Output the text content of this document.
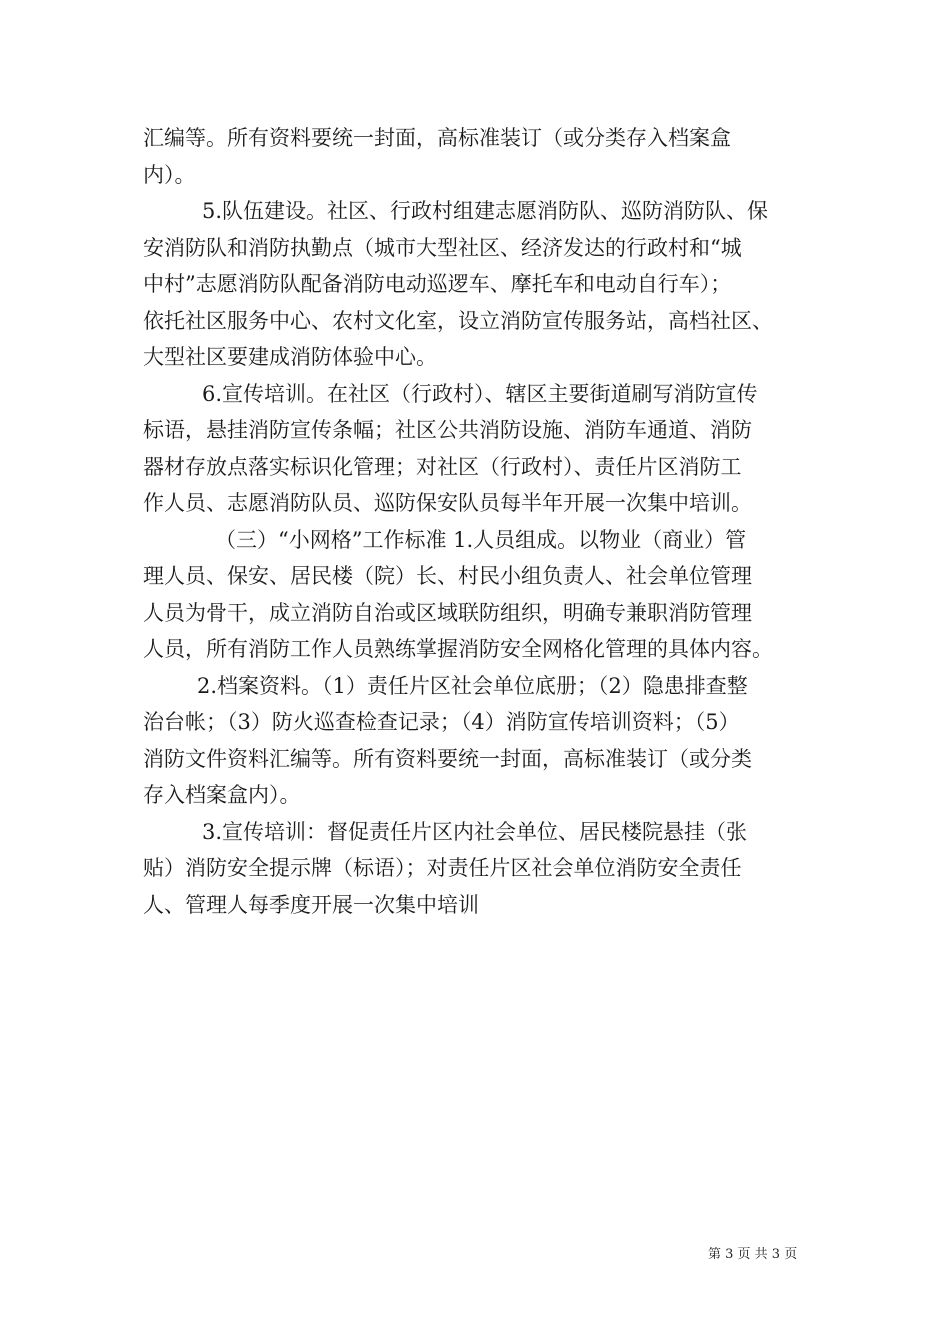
汇编等。所有资料要统一封面，高标准装订（或分类存入档案盒
内）。
5.队伍建设。社区、行政村组建志愿消防队、巡防消防队、保
安消防队和消防执勤点（城市大型社区、经济发达的行政村和“城
中村”志愿消防队配备消防电动巡逻车、摩托车和电动自行车）；
依托社区服务中心、农村文化室，设立消防宣传服务站，高档社区、
大型社区要建成消防体验中心。
6.宣传培训。在社区（行政村）、辖区主要街道刷写消防宣传
标语，悬挂消防宣传条幅；社区公共消防设施、消防车通道、消防
器材存放点落实标识化管理；对社区（行政村）、责任片区消防工
作人员、志愿消防队员、巡防保安队员每半年开展一次集中培训。
（三）“小网格”工作标准 1.人员组成。以物业（商业）管
理人员、保安、居民楼（院）长、村民小组负责人、社会单位管理
人员为骨干，成立消防自治或区域联防组织，明确专兼职消防管理
人员，所有消防工作人员熟练掌握消防安全网格化管理的具体内容。
2.档案资料。（1）责任片区社会单位底册；（2）隐患排查整
治台帐；（3）防火巡查检查记录；（4）消防宣传培训资料；（5）
消防文件资料汇编等。所有资料要统一封面，高标准装订（或分类
存入档案盒内）。
3.宣传培训：督促责任片区内社会单位、居民楼院悬挂（张
贴）消防安全提示牌（标语）；对责任片区社会单位消防安全责任
人、管理人每季度开展一次集中培训
第 3 页 共 3 页
